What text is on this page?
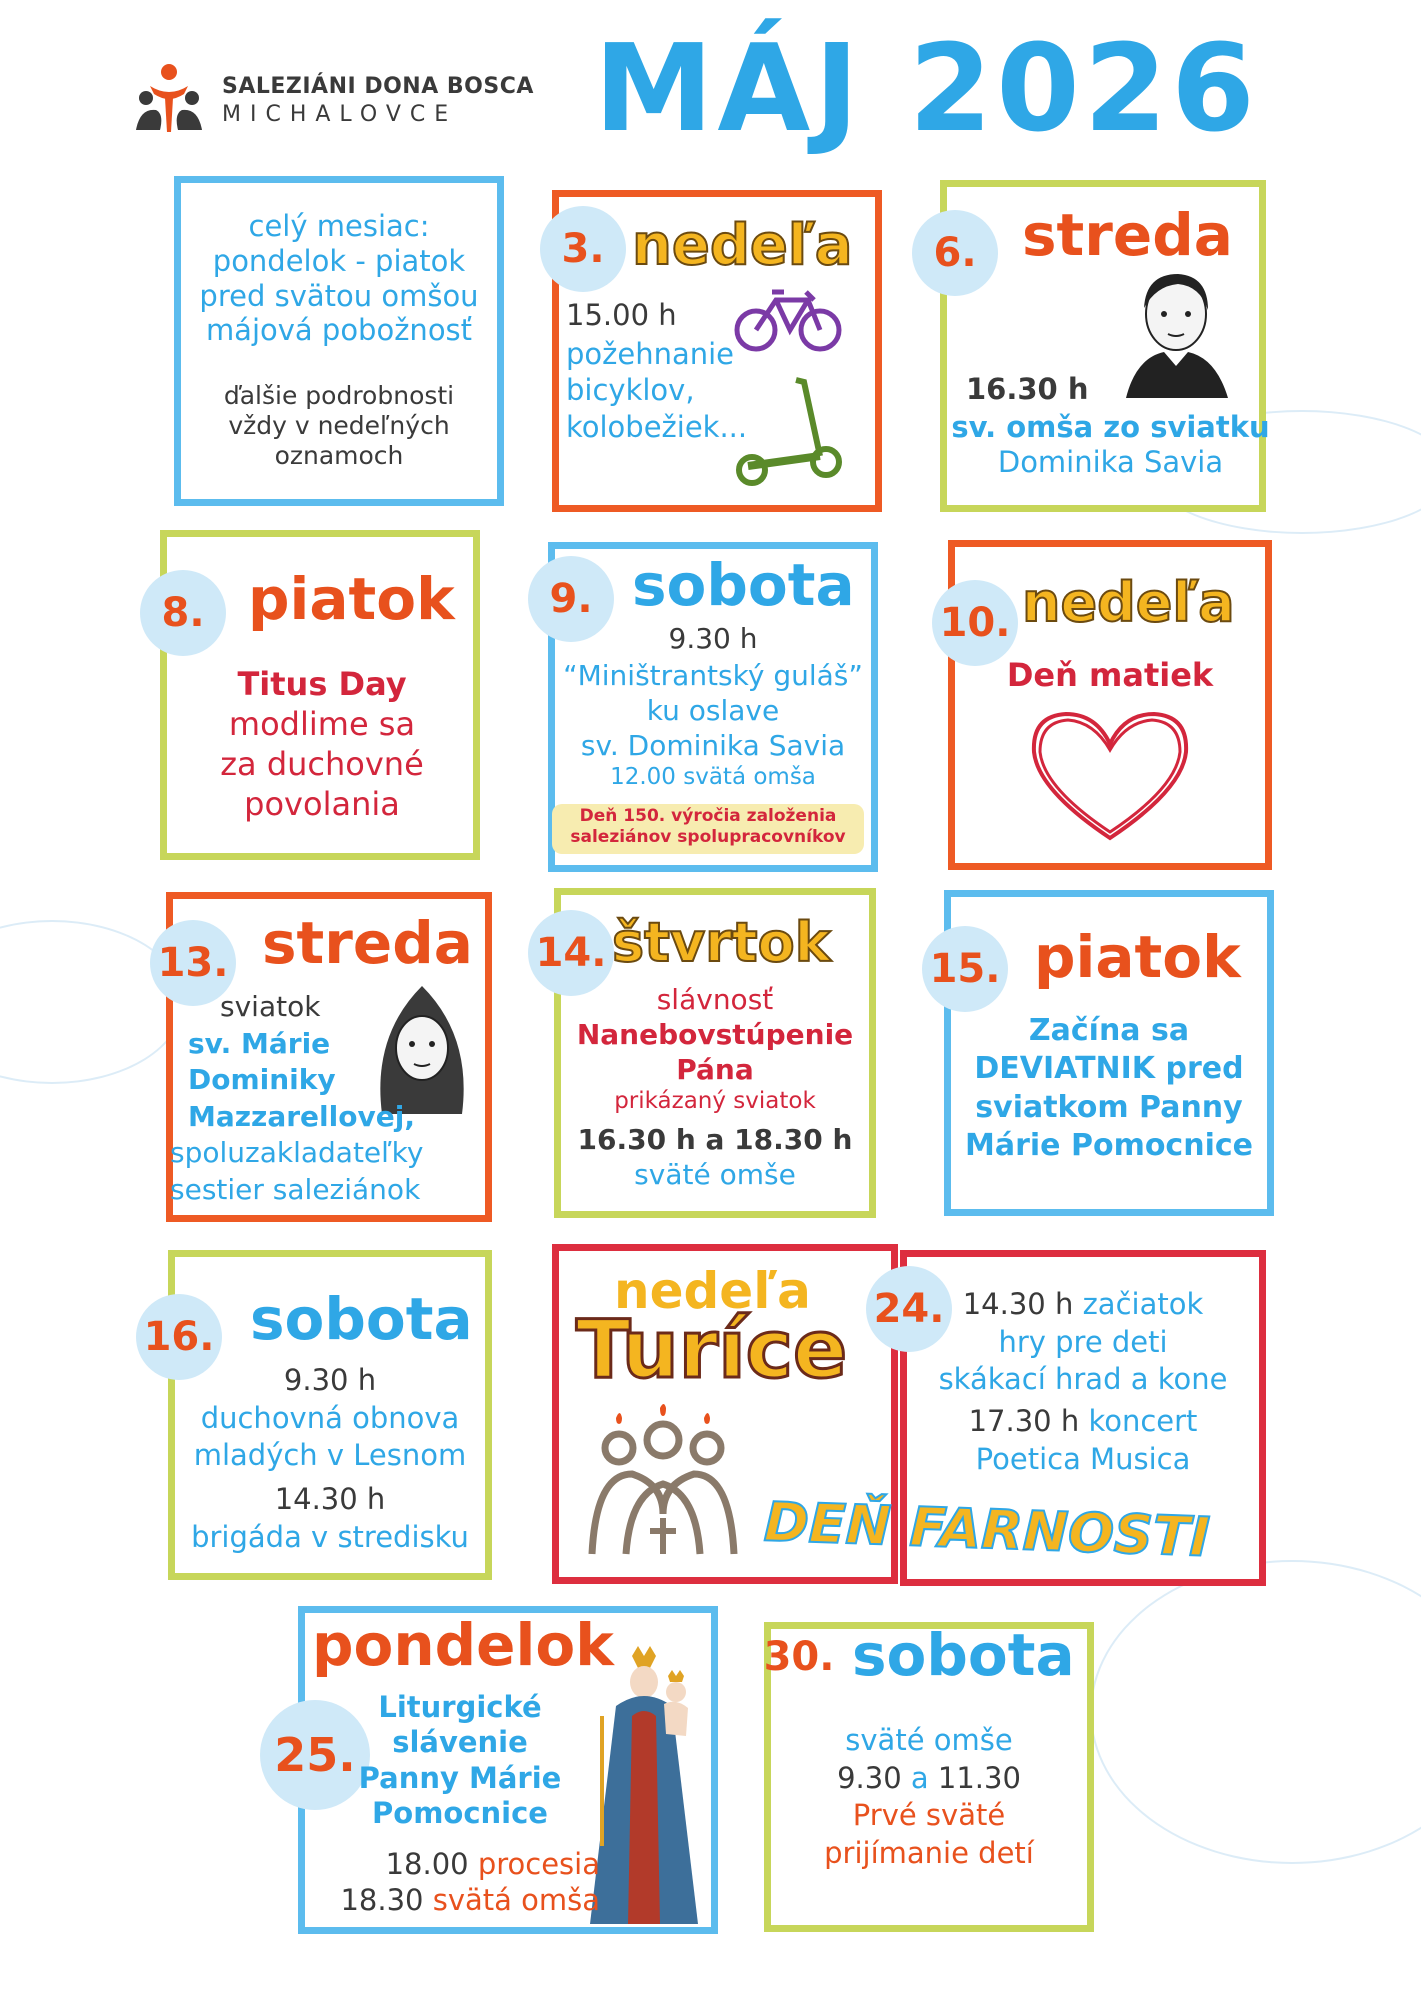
SALEZIÁNI DONA BOSCA
MICHALOVCE MÁJ 2026
celý mesiac:
pondelok - piatok
pred svätou omšou
májová pobožnosť
ďalšie podrobnosti
vždy v nedeľných
oznamoch
3. nedeľa
15.00 h
požehnanie
bicyklov,
kolobežiek...
6. streda
16.30 h
sv. omša zo sviatku
Dominika Savia
8. piatok
Titus Day
modlime sa
za duchovné
povolania
9. sobota
9.30 h
“Miništrantský guláš”
ku oslave
sv. Dominika Savia
12.00 svätá omša
Deň 150. výročia založenia
saleziánov spolupracovníkov
10. nedeľa
Deň matiek
13. streda
sviatok
sv. Márie
Dominiky
Mazzarellovej,
spoluzakladateľky
sestier saleziánok
14. štvrtok
slávnosť
Nanebovstúpenie
Pána
prikázaný sviatok
16.30 h a 18.30 h
sväté omše
15. piatok
Začína sa
DEVIATNIK pred
sviatkom Panny
Márie Pomocnice
16. sobota
9.30 h
duchovná obnova
mladých v Lesnom
14.30 h
brigáda v stredisku
nedeľa
Turíce 24. 14.30 h začiatok
hry pre deti
skákací hrad a kone
17.30 h koncert
Poetica Musica
DEŇ FARNOSTI
pondelok
25.
Liturgické
slávenie
Panny Márie
Pomocnice
18.00 procesia
18.30 svätá omša
30. sobota
sväté omše
9.30 a 11.30
Prvé sväté
prijímanie detí
